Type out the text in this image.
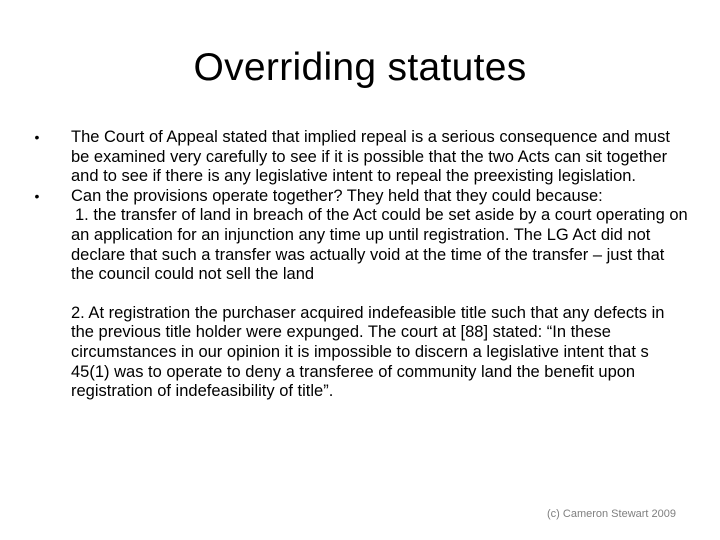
Overriding statutes

• The Court of Appeal stated that implied repeal is a serious consequence and must be examined very carefully to see if it is possible that the two Acts can sit together and to see if there is any legislative intent to repeal the preexisting legislation.

• Can the provisions operate together? They held that they could because:

1. the transfer of land in breach of the Act could be set aside by a court operating on an application for an injunction any time up until registration. The LG Act did not declare that such a transfer was actually void at the time of the transfer – just that the council could not sell the land

2. At registration the purchaser acquired indefeasible title such that any defects in the previous title holder were expunged. The court at [88] stated: “In these circumstances in our opinion it is impossible to discern a legislative intent that s 45(1) was to operate to deny a transferee of community land the benefit upon registration of indefeasibility of title”.

(c) Cameron Stewart 2009
